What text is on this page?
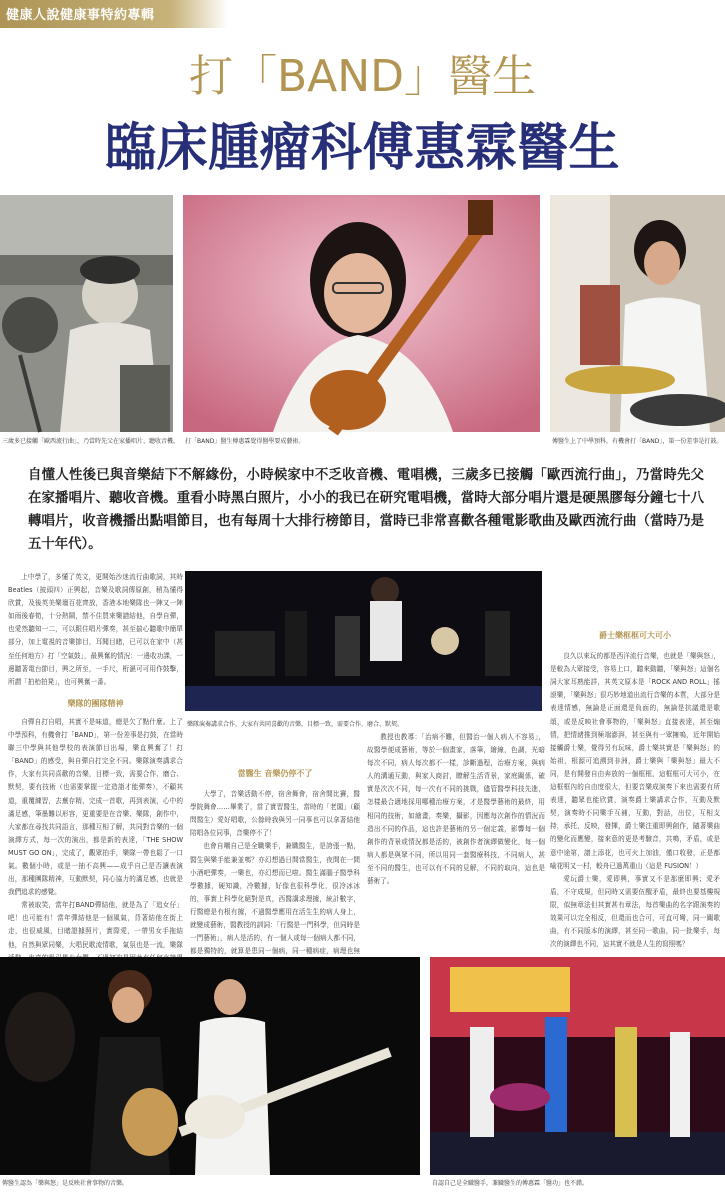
健康人說健康事特約專輯
打「BAND」醫生
臨床腫瘤科傅惠霖醫生
三歲多已接觸「歐西流行曲」，乃當時先父在家播唱片、聽收音機。 打「BAND」醫生傅惠霖覺得醫學要成藝術。	傅醫生上了中學預科，有機會打「BAND」，第一份差事是打鼓。
自懂人性後已與音樂結下不解緣份，小時候家中不乏收音機、電唱機，三歲多已接觸「歐西流行曲」，乃當時先父在家播唱片、聽收音機。重看小時黑白照片，小小的我已在研究電唱機，當時大部分唱片還是硬黑膠每分鐘七十八轉唱片，收音機播出點唱節目，也有每周十大排行榜節目，當時已非常喜歡各種電影歌曲及歐西流行曲（當時乃是五十年代）。

上中學了，多懂了英文，更開始沙迷流行曲歌詞，其時 Beatles（披頭四）正興起，音樂及歌詞傳原創，稍為懂得欣賞，及後英美樂壇百花齊放，香港本地樂隊也一陣又一陣如雨後春筍，十分熱鬧，禁不住買來樂譜結他，自學自彈，也愛然聽知一二，可以跟住唱片彈奏，甚至揣心聽歌中簡單部分，加上電視的音樂節目，耳聞目睹，已可以在家中（甚至任何地方）打「空氣鼓」，最興奮的情況：一邊收功課，一邊聽著電台節目，興之所至，一手尺，桁濕可可用作鼓擊，所謂「拍枱拍凳」，也可興奮一番。

樂隊的團隊精神

自彈自打自唱，其實不是味道，總是欠了點什麼。上了中學預科，有機會打「BAND」，第一份差事是打鼓，在當時聯三中學與其他學校的表演節目出場，樂直興奮了！打「BAND」的感受，與自彈自打完全不同。樂隊演奏講求合作，大家有共同喜歡的音樂，目標一致，需要合作、磨合、默契，要有技術（也需要掌握一定造詣才能彈奏），不顧其道，重覆練習，去蕪存精，完成一首歌，再到表演，心中的滿足感，筆墨難以形容，更重要是在音樂、樂隊，創作中，大家都在尋找共同語言，那種互相了解，共同對音樂的一個演繹方式，每一次的演出，都是新的表達，「THE SHOW MUST GO ON」，完成了，觀眾拍手，樂隊一帶也鬆了一口氣。數個小時，或是一抽不高興——成乎自己是否讓表演出，那種團隊精神，互動默契，同心協力的滿足感，也就是我們追求的感覺。

常被取笑，當年打BAND彈結他，就是為了「追女仔」吧！也可能有！當年彈結他是一個風氣，背著結他在街上走，也很威風，目睹證據照片，實際愛，一帶男女手拖結他，自然與眾同樂，大唱民歌流情歌，氣氛也是一流，樂隊

樂隊演奏講求合作，大家有共同喜歡的音樂，目標一致，需要合作、磨合、默契。
當醫生 音樂仍停不了

大學了，音樂活動不停，宿舍舞會，宿舍間比賽，醫學院舞會……畢業了，當了實習醫生，當時的「老闆」（顧問醫生）愛好唱歌，公餘時我與另一同事也可以拿著結他陪唱各位同事，音樂停不了！

也會自嘲自己是全職樂手，兼職醫生，是誇張一點，醫生與樂手能兼並嗎？亦幻想過日間當醫生，夜間在一間小酒吧彈奏，一樂也，亦幻想而已啦。醫生滿腦子醫學科學數據，硬知識，冷數據，好像也很科學化，很冷冰冰的，事實上科學化絕對是真，西醫講求理據，統計數字，行醫總是有根有據，不過醫學應用在活生生的病人身上，就變成藝術，醫教授的訓詞：「行醫是一門科學，但同時是一門藝術」，病人是活的，有一個人或每一個病人都不同，都是獨特的，就算是患同一個病，同一種病症，病理也無

教授也教導：「治病不難，但醫治一個人病人不容易」，故醫學便成藝術，等於一個畫家，落筆，繪線，色調，光暗每次不同，病人每次都不一樣，診斷過程，治療方案，與病人的溝通互動，與家人商討，瞭解生活背景，家庭關係，確實是次次不同，每一次有不同的挑戰，儘管醫學科技先進，怎樣最合適地採用哪種治療方案，才是醫學藝術的最終，用相同的技術，如繪畫，奏樂，攝影，因應每次創作的情況而造出不同的作品，這也許是藝術的另一個定義，影響每一個創作的背景或情況都是活的，被創作者演繹做變化，每一個病人都是與眾不同，所以用同一套醫療科技，不同病人，甚至不同的醫生，也可以有不同的見解，不同的取向，這也是藝術了。

爵士樂框框可大可小

良久以來玩的都是西洋流行音樂，也就是「樂與怒」，是較為大眾接受，容易上口，聽來動聽，「樂與怒」這個名詞大家耳熟能詳，其英文原本是「ROCK AND ROLL」搖滾樂，「樂與怒」很巧妙地道出流行音樂的本質，大部分是表達情感，無論是正面還是負面的，無論是抗議還是歌頌，或是反映社會事物的，「樂與怒」直接表達，甚至煽情，把情緒推到極端澎湃，甚至與有一眾擁嗚，近年開始接觸爵士樂，覺得另有玩味，爵士樂其實是「樂與怒」的始祖，根源可追溯到非洲，爵士樂與「樂與怒」最大不同，是有開發自由奔放的一個框框，這框框可大可小，在這框框內的自由度很大，但要音樂成演奏下來也需要有所表達，聽眾也能欣賞，演奏爵士樂講求合作，互動及默契，演奏時不同樂手互補，互動，對話，出位，互相支持，承托，反映，發揮，爵士樂注重即興創作，隨著樂曲的變化而應變，接來意的更是考驗音，共鳴，矛盾，或是意中途第，譜上添花，也可火上加油，僅口收發，正是都喻花明又一村，較舟已過萬重山（這是 FUSION！）

愛玩爵士樂，愛即興，事實又不是那麼即興；愛矛盾，不守成規，但同時又需要伍醒矛盾，最終也要基樓規限，似無章法但其實甚有章法，每首樂曲的名字跟演奏的效果可以完全相反，但還而也合可，可直可彎，同一關歌曲，有不同版本的演繹，甚至同一歌曲，同一批樂手，每次的演繹也不同，這其實不就是人生的寫照嗎？

傳醫生認為「樂與怒」是反映社會事物的音樂。	自認自己是全職醫手，兼職醫生的傅惠霖「醫功」也不錯。
